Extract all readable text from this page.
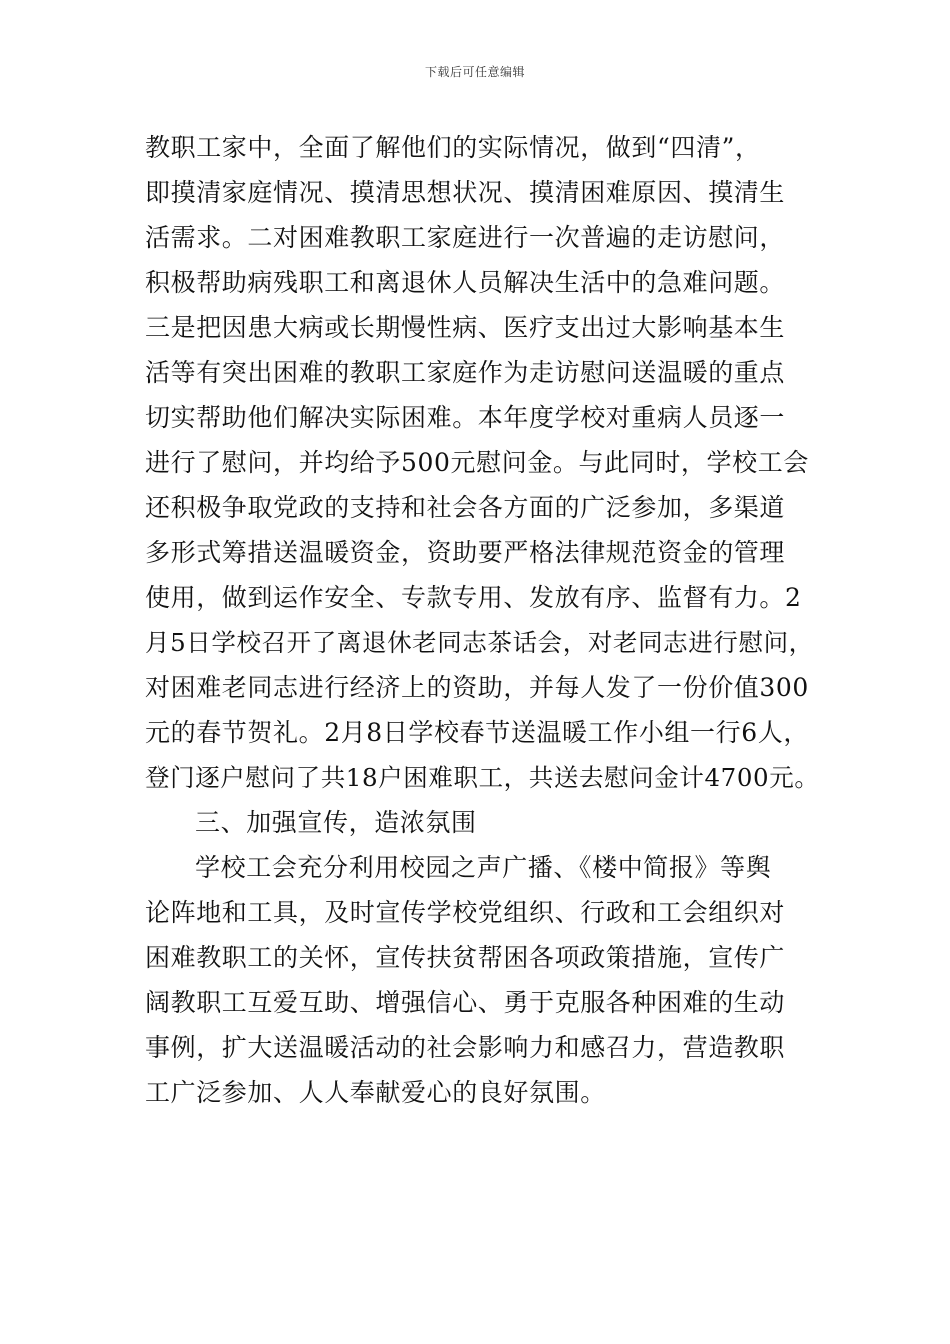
下载后可任意编辑
教职工家中，全面了解他们的实际情况，做到“四清”，
即摸清家庭情况、摸清思想状况、摸清困难原因、摸清生
活需求。二对困难教职工家庭进行一次普遍的走访慰问，
积极帮助病残职工和离退休人员解决生活中的急难问题。
三是把因患大病或长期慢性病、医疗支出过大影响基本生
活等有突出困难的教职工家庭作为走访慰问送温暖的重点
切实帮助他们解决实际困难。本年度学校对重病人员逐一
进行了慰问，并均给予500元慰问金。与此同时，学校工会
还积极争取党政的支持和社会各方面的广泛参加，多渠道
多形式筹措送温暖资金，资助要严格法律规范资金的管理
使用，做到运作安全、专款专用、发放有序、监督有力。2
月5日学校召开了离退休老同志茶话会，对老同志进行慰问，
对困难老同志进行经济上的资助，并每人发了一份价值300
元的春节贺礼。2月8日学校春节送温暖工作小组一行6人，
登门逐户慰问了共18户困难职工，共送去慰问金计4700元。
三、加强宣传，造浓氛围
学校工会充分利用校园之声广播、《楼中简报》等舆
论阵地和工具，及时宣传学校党组织、行政和工会组织对
困难教职工的关怀，宣传扶贫帮困各项政策措施，宣传广
阔教职工互爱互助、增强信心、勇于克服各种困难的生动
事例，扩大送温暖活动的社会影响力和感召力，营造教职
工广泛参加、人人奉献爱心的良好氛围。
